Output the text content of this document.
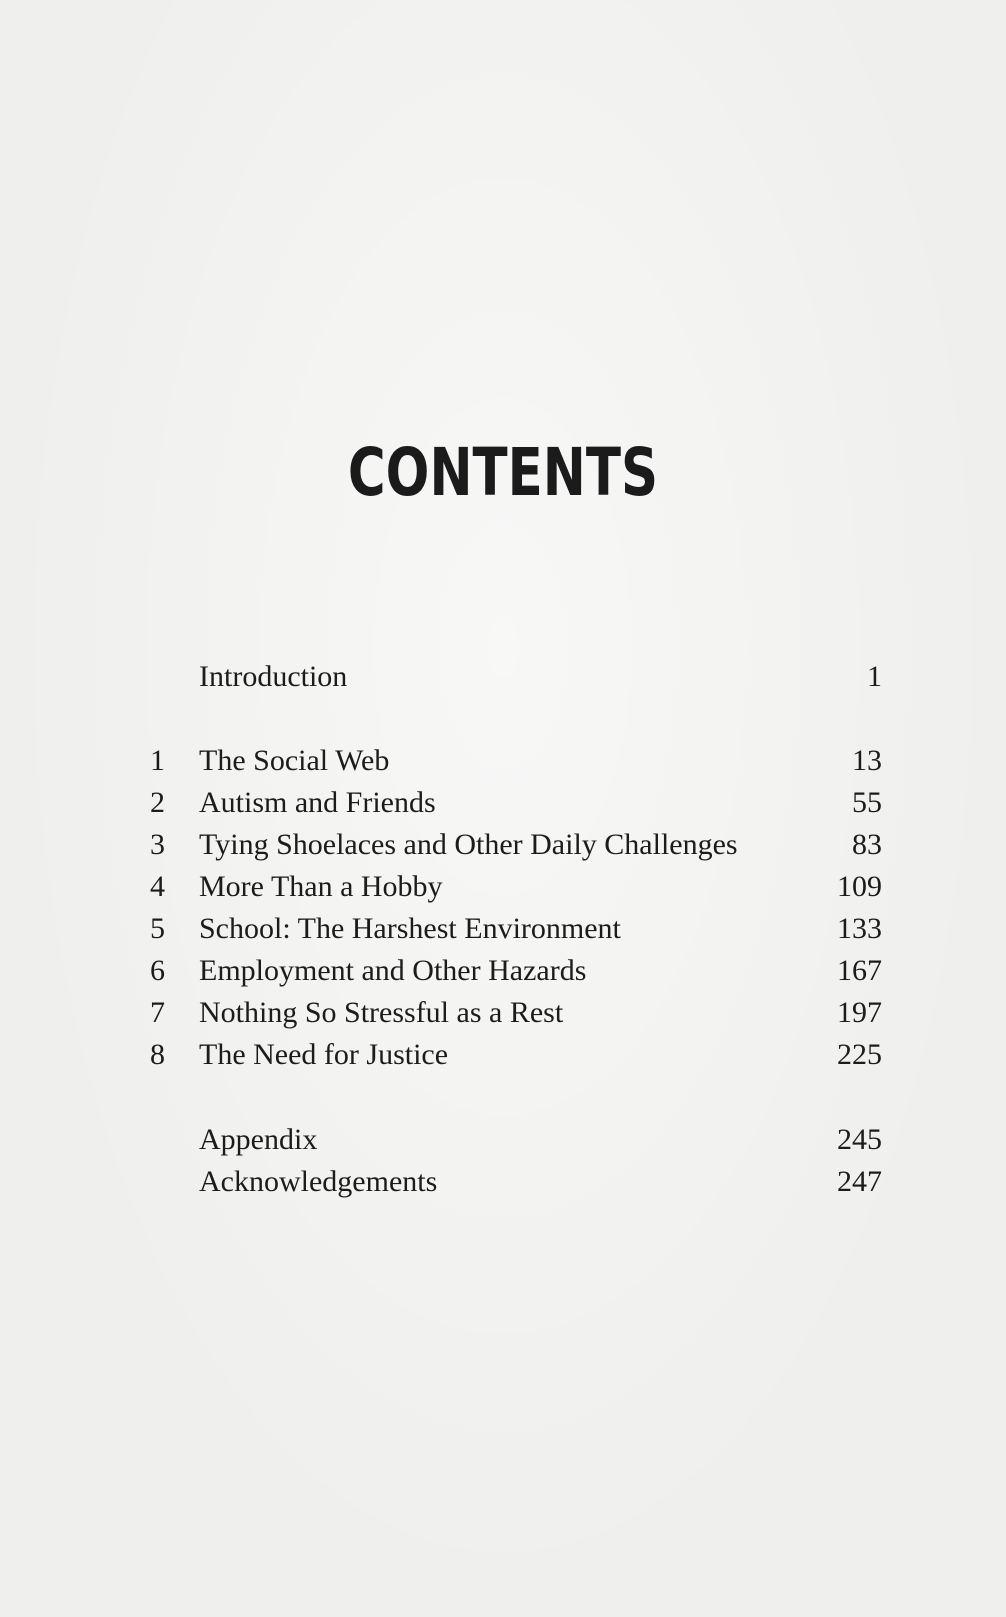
CONTENTS
Introduction	1
1	The Social Web	13
2	Autism and Friends	55
3	Tying Shoelaces and Other Daily Challenges	83
4	More Than a Hobby	109
5	School: The Harshest Environment	133
6	Employment and Other Hazards	167
7	Nothing So Stressful as a Rest	197
8	The Need for Justice	225
Appendix	245
Acknowledgements	247
